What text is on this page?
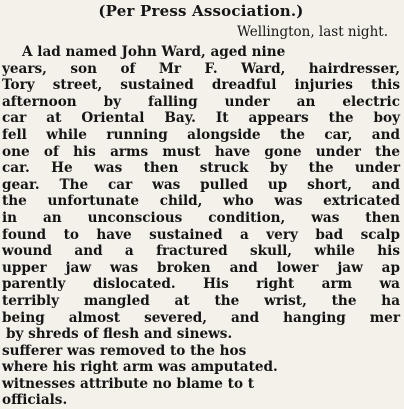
(Per Press Association.)
Wellington, last night.
A lad named John Ward, aged nine
years, son of Mr F. Ward, hairdresser,
Tory street, sustained dreadful injuries this
afternoon by falling under an electric
car at Oriental Bay. It appears the boy
fell while running alongside the car, and
one of his arms must have gone under the
car. He was then struck by the under
gear. The car was pulled up short, and
the unfortunate child, who was extricated
in an unconscious condition, was then
found to have sustained a very bad scalp
wound and a fractured skull, while his
upper jaw was broken and lower jaw ap
parently dislocated. His right arm wa
terribly mangled at the wrist, the ha
being almost severed, and hanging mer
by shreds of flesh and sinews.
sufferer was removed to the hos
where his right arm was amputated.
witnesses attribute no blame to t
officials.
